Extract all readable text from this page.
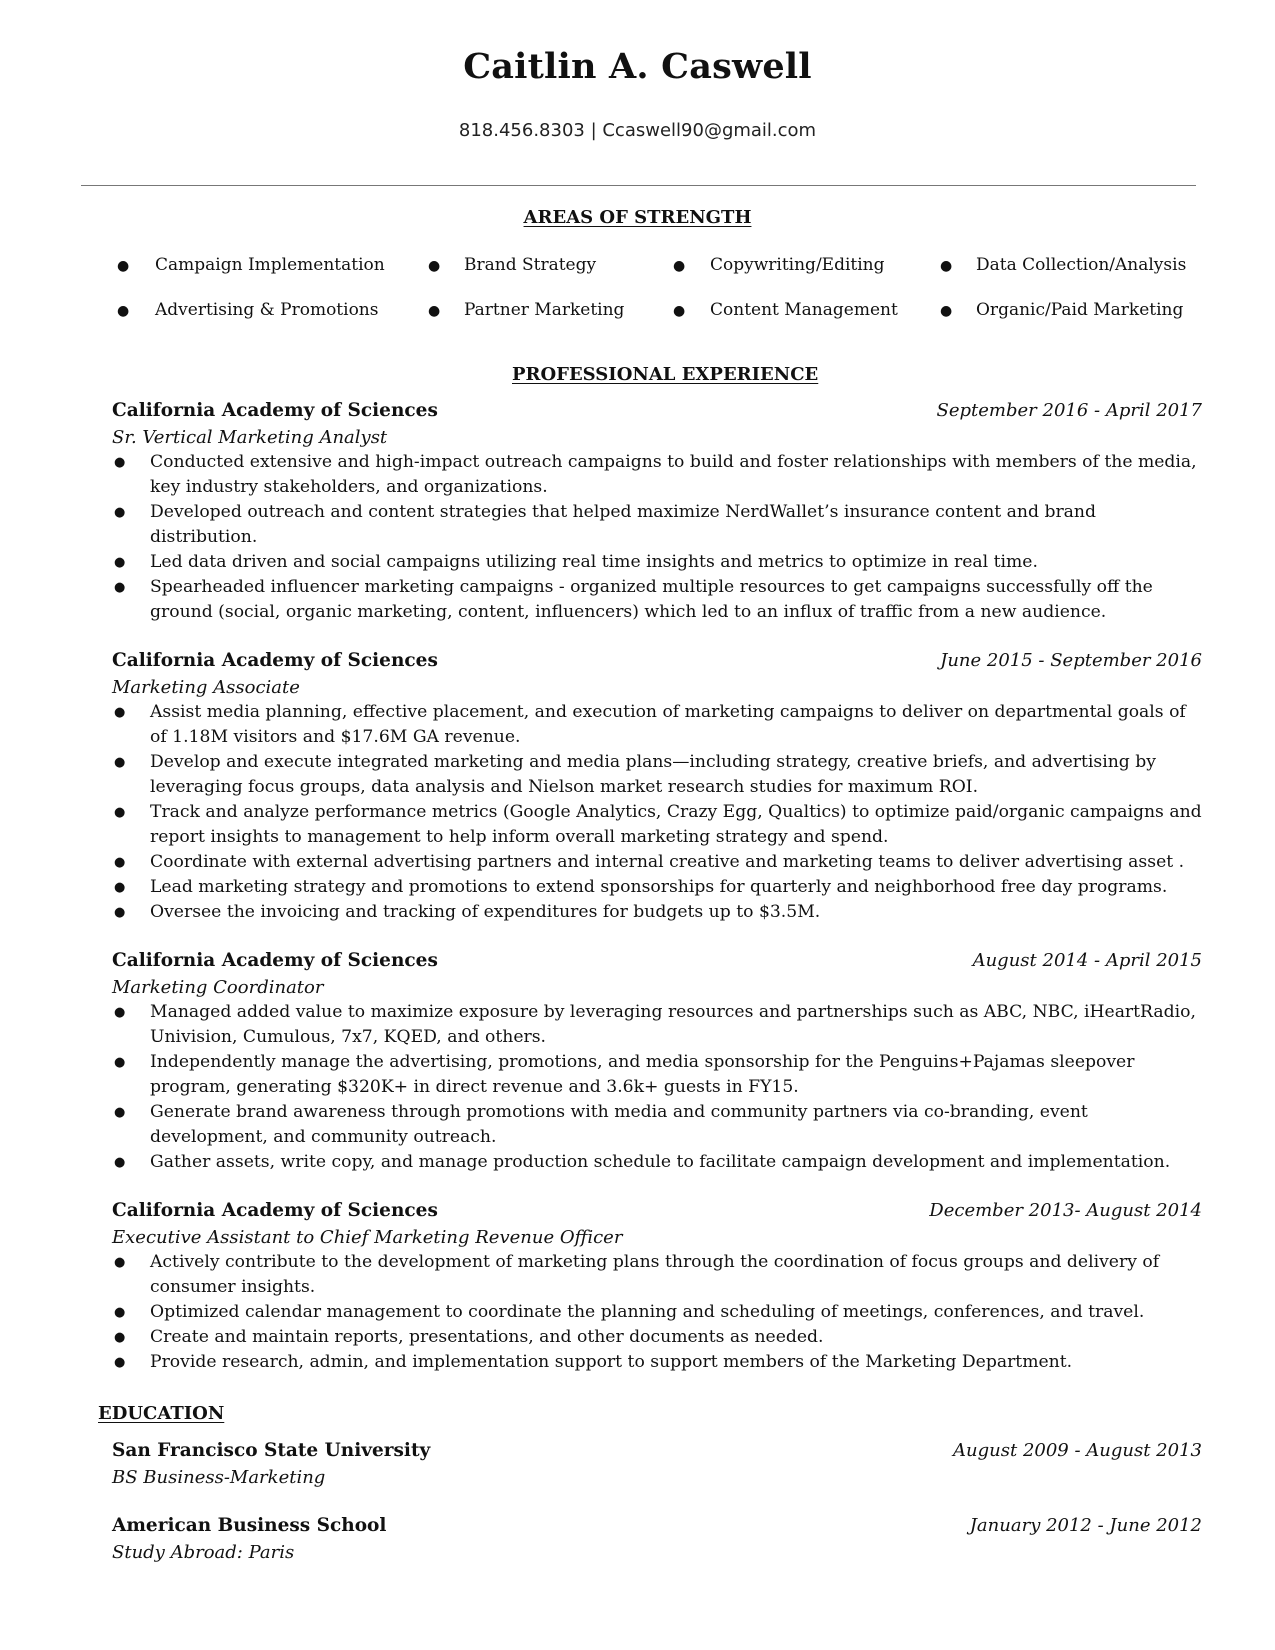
Caitlin A. Caswell
818.456.8303 | Ccaswell90@gmail.com
AREAS OF STRENGTH
● Campaign Implementation	● Brand Strategy	● Copywriting/Editing	● Data Collection/Analysis
● Advertising & Promotions	● Partner Marketing	● Content Management	● Organic/Paid Marketing
PROFESSIONAL EXPERIENCE
California Academy of Sciences	September 2016 - April 2017
Sr. Vertical Marketing Analyst
● Conducted extensive and high-impact outreach campaigns to build and foster relationships with members of the media, key industry stakeholders, and organizations.
● Developed outreach and content strategies that helped maximize NerdWallet’s insurance content and brand distribution.
● Led data driven and social campaigns utilizing real time insights and metrics to optimize in real time.
● Spearheaded influencer marketing campaigns - organized multiple resources to get campaigns successfully off the ground (social, organic marketing, content, influencers) which led to an influx of traffic from a new audience.
California Academy of Sciences	June 2015 - September 2016
Marketing Associate
● Assist media planning, effective placement, and execution of marketing campaigns to deliver on departmental goals of of 1.18M visitors and $17.6M GA revenue.
● Develop and execute integrated marketing and media plans—including strategy, creative briefs, and advertising by leveraging focus groups, data analysis and Nielson market research studies for maximum ROI.
● Track and analyze performance metrics (Google Analytics, Crazy Egg, Qualtics) to optimize paid/organic campaigns and report insights to management to help inform overall marketing strategy and spend.
● Coordinate with external advertising partners and internal creative and marketing teams to deliver advertising asset .
● Lead marketing strategy and promotions to extend sponsorships for quarterly and neighborhood free day programs.
● Oversee the invoicing and tracking of expenditures for budgets up to $3.5M.
California Academy of Sciences	August 2014 - April 2015
Marketing Coordinator
● Managed added value to maximize exposure by leveraging resources and partnerships such as ABC, NBC, iHeartRadio, Univision, Cumulous, 7x7, KQED, and others.
● Independently manage the advertising, promotions, and media sponsorship for the Penguins+Pajamas sleepover program, generating $320K+ in direct revenue and 3.6k+ guests in FY15.
● Generate brand awareness through promotions with media and community partners via co-branding, event development, and community outreach.
● Gather assets, write copy, and manage production schedule to facilitate campaign development and implementation.
California Academy of Sciences	December 2013- August 2014
Executive Assistant to Chief Marketing Revenue Officer
● Actively contribute to the development of marketing plans through the coordination of focus groups and delivery of consumer insights.
● Optimized calendar management to coordinate the planning and scheduling of meetings, conferences, and travel.
● Create and maintain reports, presentations, and other documents as needed.
● Provide research, admin, and implementation support to support members of the Marketing Department.
EDUCATION
San Francisco State University	August 2009 - August 2013
BS Business-Marketing
American Business School	January 2012 - June 2012
Study Abroad: Paris
